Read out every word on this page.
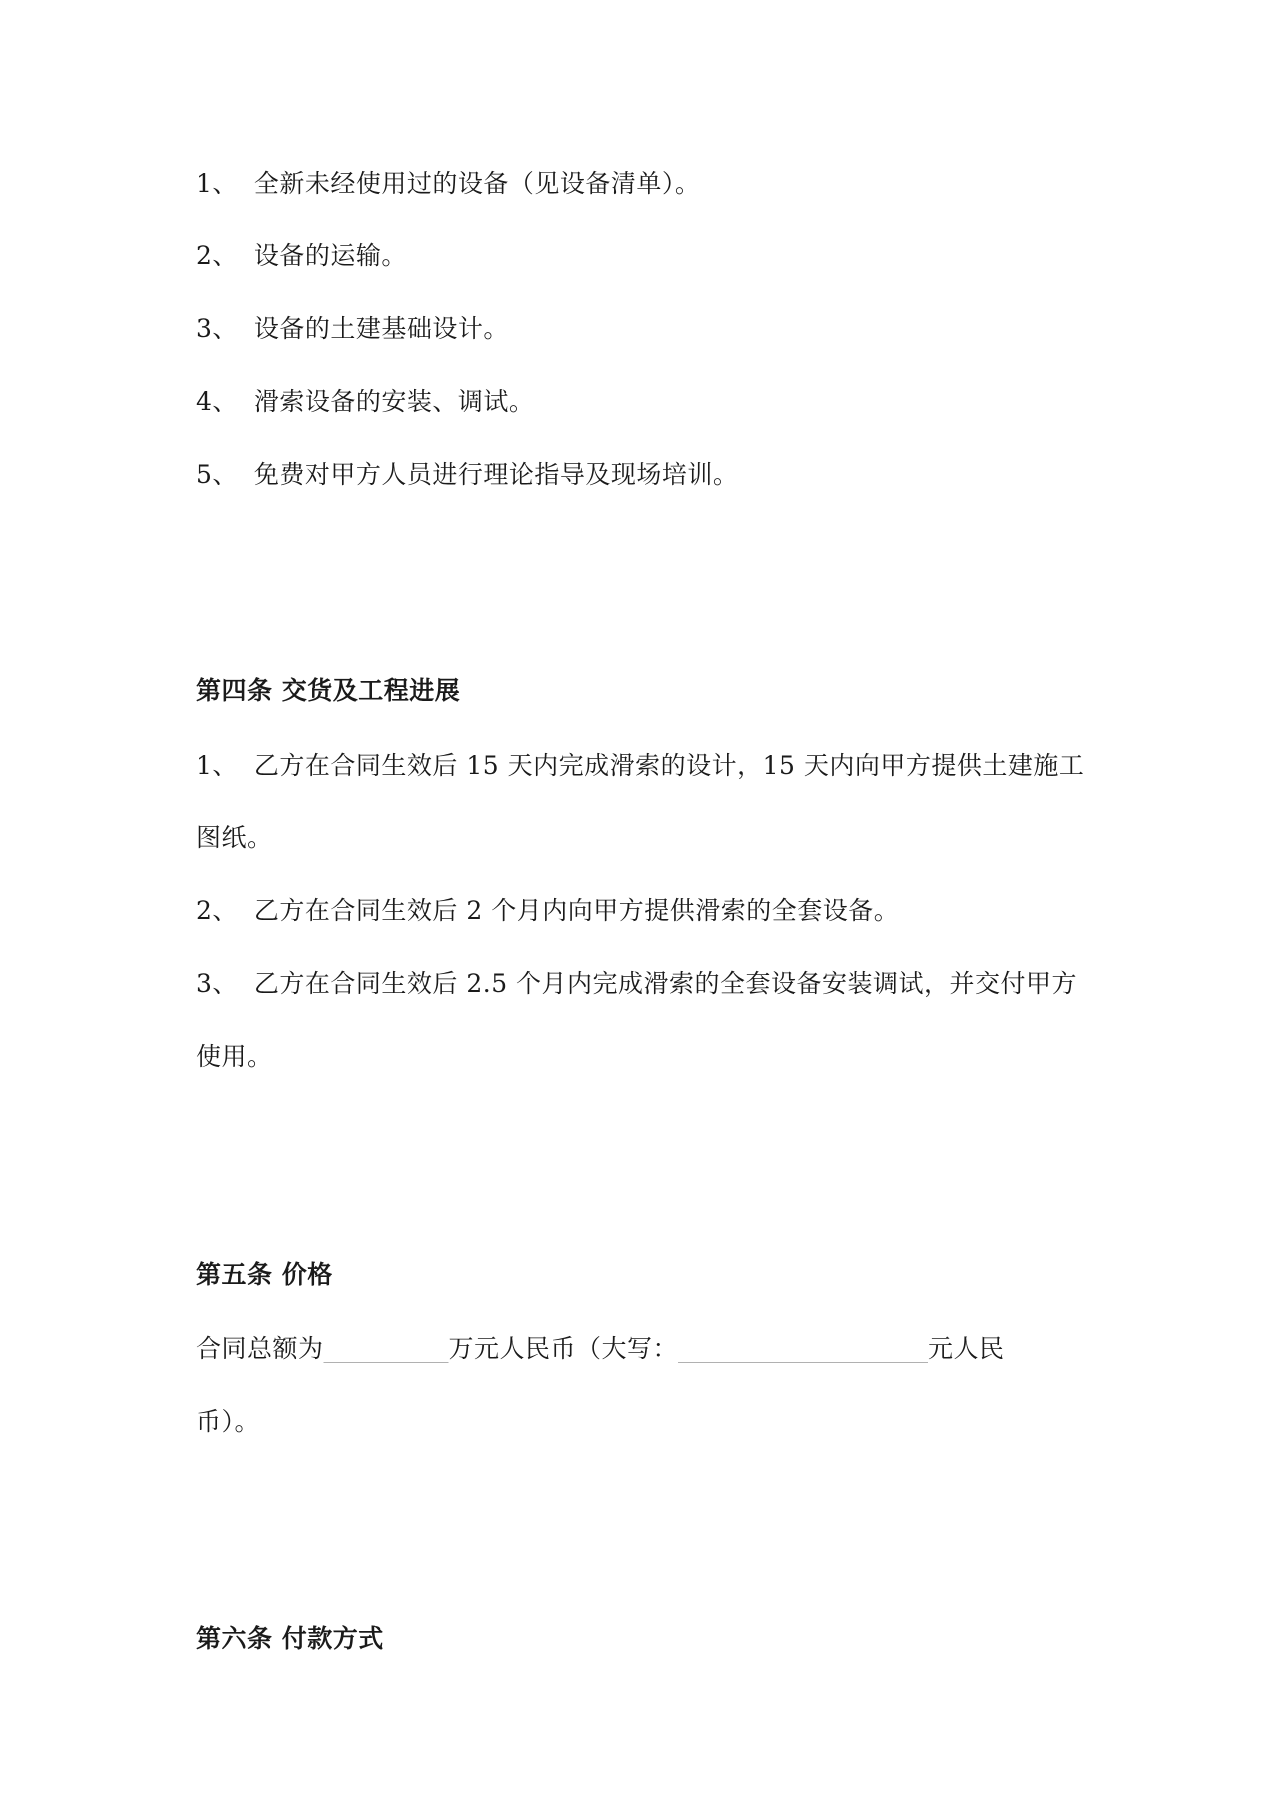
1、 全新未经使用过的设备（见设备清单）。
2、 设备的运输。
3、 设备的土建基础设计。
4、 滑索设备的安装、调试。
5、 免费对甲方人员进行理论指导及现场培训。
第四条 交货及工程进展
1、 乙方在合同生效后 15 天内完成滑索的设计，15 天内向甲方提供土建施工
图纸。
2、 乙方在合同生效后 2 个月内向甲方提供滑索的全套设备。
3、 乙方在合同生效后 2.5 个月内完成滑索的全套设备安装调试，并交付甲方
使用。
第五条 价格
合同总额为__________万元人民币（大写：____________________元人民
币）。
第六条 付款方式
